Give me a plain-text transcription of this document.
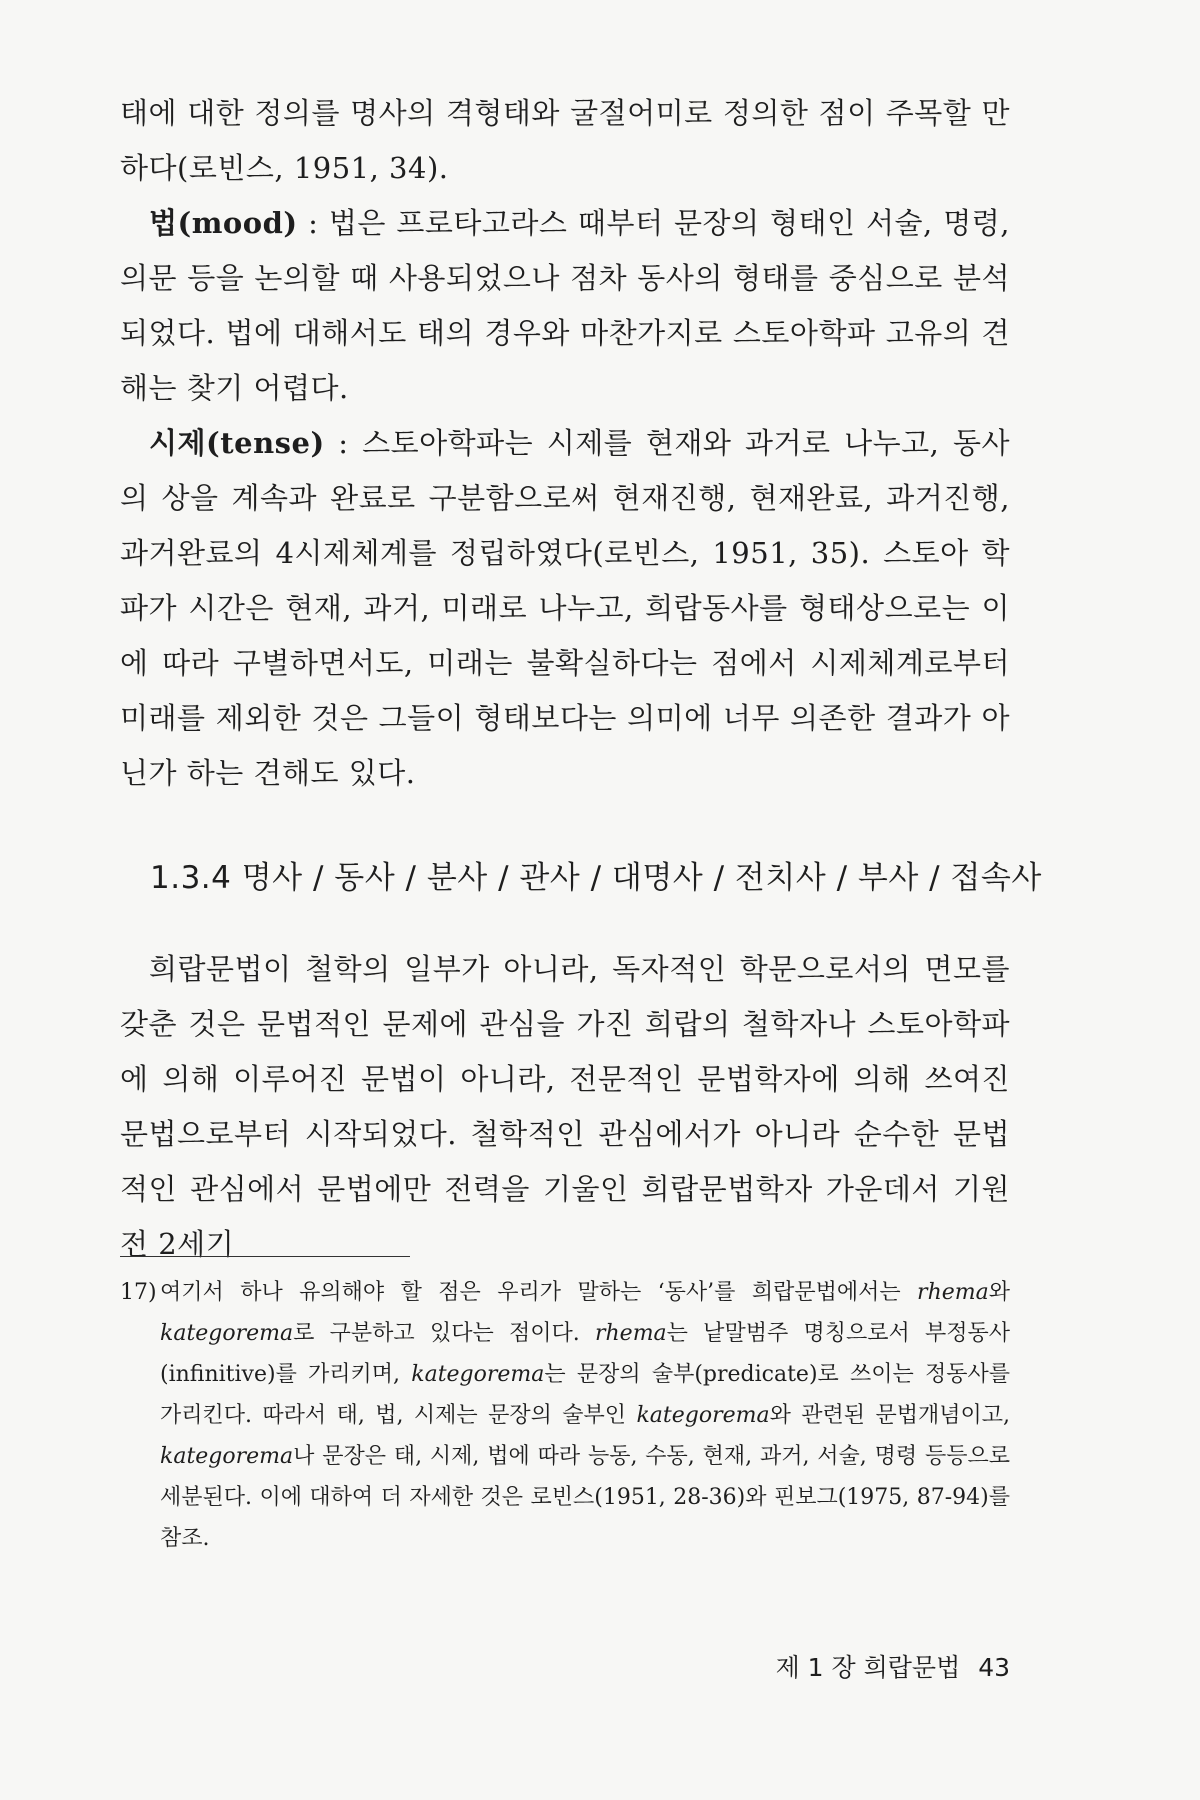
태에 대한 정의를 명사의 격형태와 굴절어미로 정의한 점이 주목할 만하다(로빈스, 1951, 34).

법(mood) : 법은 프로타고라스 때부터 문장의 형태인 서술, 명령, 의문 등을 논의할 때 사용되었으나 점차 동사의 형태를 중심으로 분석되었다. 법에 대해서도 태의 경우와 마찬가지로 스토아학파 고유의 견해는 찾기 어렵다.

시제(tense) : 스토아학파는 시제를 현재와 과거로 나누고, 동사의 상을 계속과 완료로 구분함으로써 현재진행, 현재완료, 과거진행, 과거완료의 4시제체계를 정립하였다(로빈스, 1951, 35). 스토아 학파가 시간은 현재, 과거, 미래로 나누고, 희랍동사를 형태상으로는 이에 따라 구별하면서도, 미래는 불확실하다는 점에서 시제체계로부터 미래를 제외한 것은 그들이 형태보다는 의미에 너무 의존한 결과가 아닌가 하는 견해도 있다.

1.3.4 명사 / 동사 / 분사 / 관사 / 대명사 / 전치사 / 부사 / 접속사

희랍문법이 철학의 일부가 아니라, 독자적인 학문으로서의 면모를 갖춘 것은 문법적인 문제에 관심을 가진 희랍의 철학자나 스토아학파에 의해 이루어진 문법이 아니라, 전문적인 문법학자에 의해 쓰여진 문법으로부터 시작되었다. 철학적인 관심에서가 아니라 순수한 문법적인 관심에서 문법에만 전력을 기울인 희랍문법학자 가운데서 기원전 2세기

17) 여기서 하나 유의해야 할 점은 우리가 말하는 ‘동사’를 희랍문법에서는 rhema와 kategorema로 구분하고 있다는 점이다. rhema는 낱말범주 명칭으로서 부정동사(infinitive)를 가리키며, kategorema는 문장의 술부(predicate)로 쓰이는 정동사를 가리킨다. 따라서 태, 법, 시제는 문장의 술부인 kategorema와 관련된 문법개념이고, kategorema나 문장은 태, 시제, 법에 따라 능동, 수동, 현재, 과거, 서술, 명령 등등으로 세분된다. 이에 대하여 더 자세한 것은 로빈스(1951, 28-36)와 핀보그(1975, 87-94)를 참조.
제 1 장 희랍문법 43
